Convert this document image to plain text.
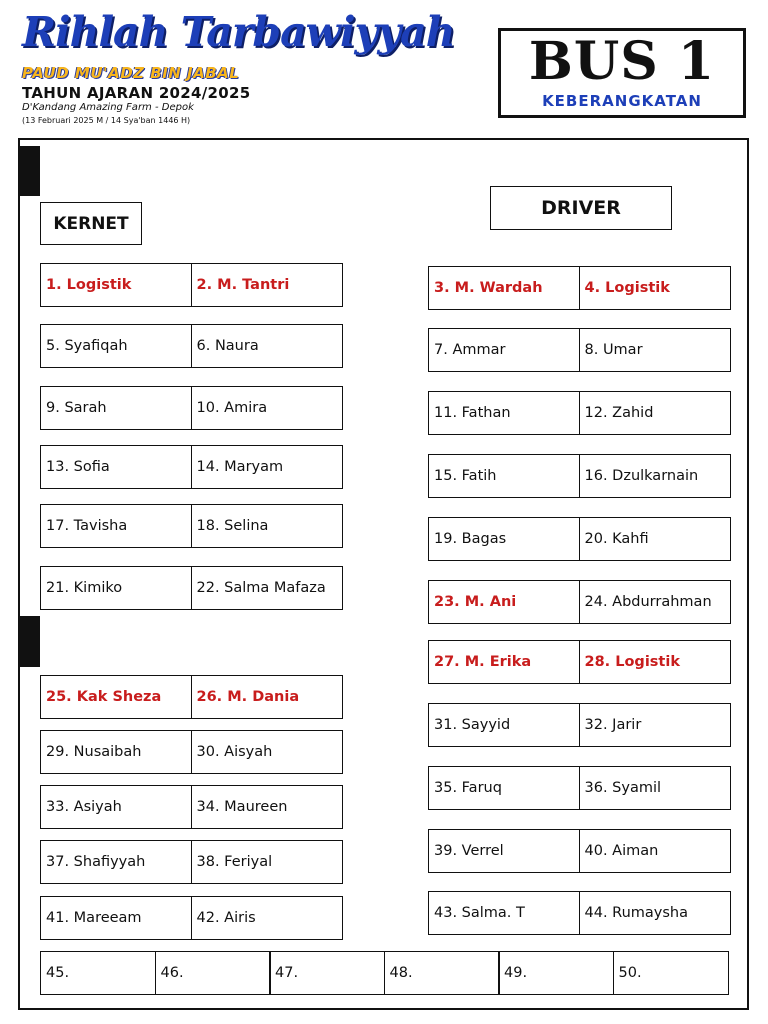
Rihlah Tarbawiyyah
PAUD MU'ADZ BIN JABAL
TAHUN AJARAN 2024/2025
D'Kandang Amazing Farm - Depok
(13 Februari 2025 M / 14 Sya'ban 1446 H)
BUS 1
KEBERANGKATAN
KERNET
DRIVER
1. Logistik	2. M. Tantri
5. Syafiqah	6. Naura
9. Sarah	10. Amira
13. Sofia	14. Maryam
17. Tavisha	18. Selina
21. Kimiko	22. Salma Mafaza
25. Kak Sheza	26. M. Dania
29. Nusaibah	30. Aisyah
33. Asiyah	34. Maureen
37. Shafiyyah	38. Feriyal
41. Mareeam	42. Airis
3. M. Wardah	4. Logistik
7. Ammar	8. Umar
11. Fathan	12. Zahid
15. Fatih	16. Dzulkarnain
19. Bagas	20. Kahfi
23. M. Ani	24. Abdurrahman
27. M. Erika	28. Logistik
31. Sayyid	32. Jarir
35. Faruq	36. Syamil
39. Verrel	40. Aiman
43. Salma. T	44. Rumaysha
45.	46.	47.	48.	49.	50.
